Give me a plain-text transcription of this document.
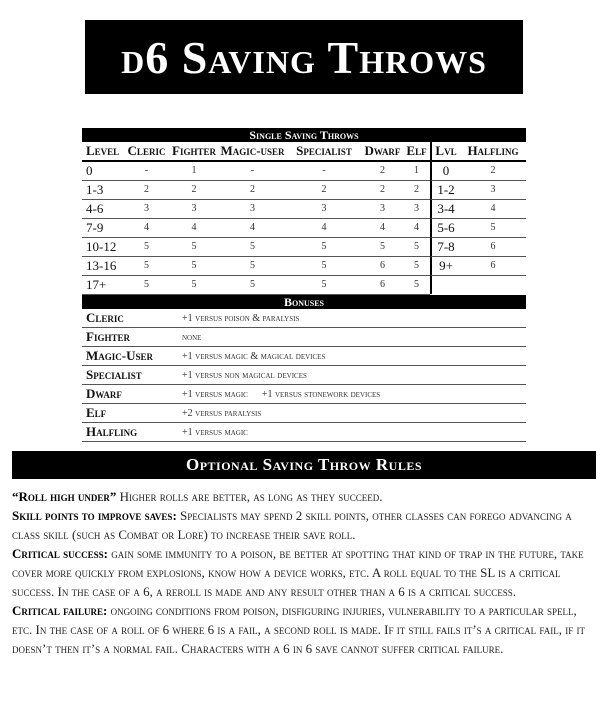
d6 Saving Throws
Single Saving Throws
Level Cleric Fighter Magic-user Specialist Dwarf Elf Lvl Halfling
0	-	1	-	-	2	1	0	2
1-3	2	2	2	2	2	2	1-2	3
4-6	3	3	3	3	3	3	3-4	4
7-9	4	4	4	4	4	4	5-6	5
10-12	5	5	5	5	5	5	7-8	6
13-16	5	5	5	5	6	5	9+	6
17+	5	5	5	5	6	5
Bonuses
Cleric	+1 versus poison & paralysis
Fighter	none
Magic-User	+1 versus magic & magical devices
Specialist	+1 versus non magical devices
Dwarf	+1 versus magic +1 versus stonework devices
Elf	+2 versus paralysis
Halfling	+1 versus magic
Optional Saving Throw Rules

“Roll high under” Higher rolls are better, as long as they succeed.

Skill points to improve saves: Specialists may spend 2 skill points, other classes can forego advancing a class skill (such as Combat or Lore) to increase their save roll.

Critical success: gain some immunity to a poison, be better at spotting that kind of trap in the future, take cover more quickly from explosions, know how a device works, etc. A roll equal to the SL is a critical success. In the case of a 6, a reroll is made and any result other than a 6 is a critical success.

Critical failure: ongoing conditions from poison, disfiguring injuries, vulnerability to a particular spell, etc. In the case of a roll of 6 where 6 is a fail, a second roll is made. If it still fails it’s a critical fail, if it doesn’t then it’s a normal fail. Characters with a 6 in 6 save cannot suffer critical failure.
